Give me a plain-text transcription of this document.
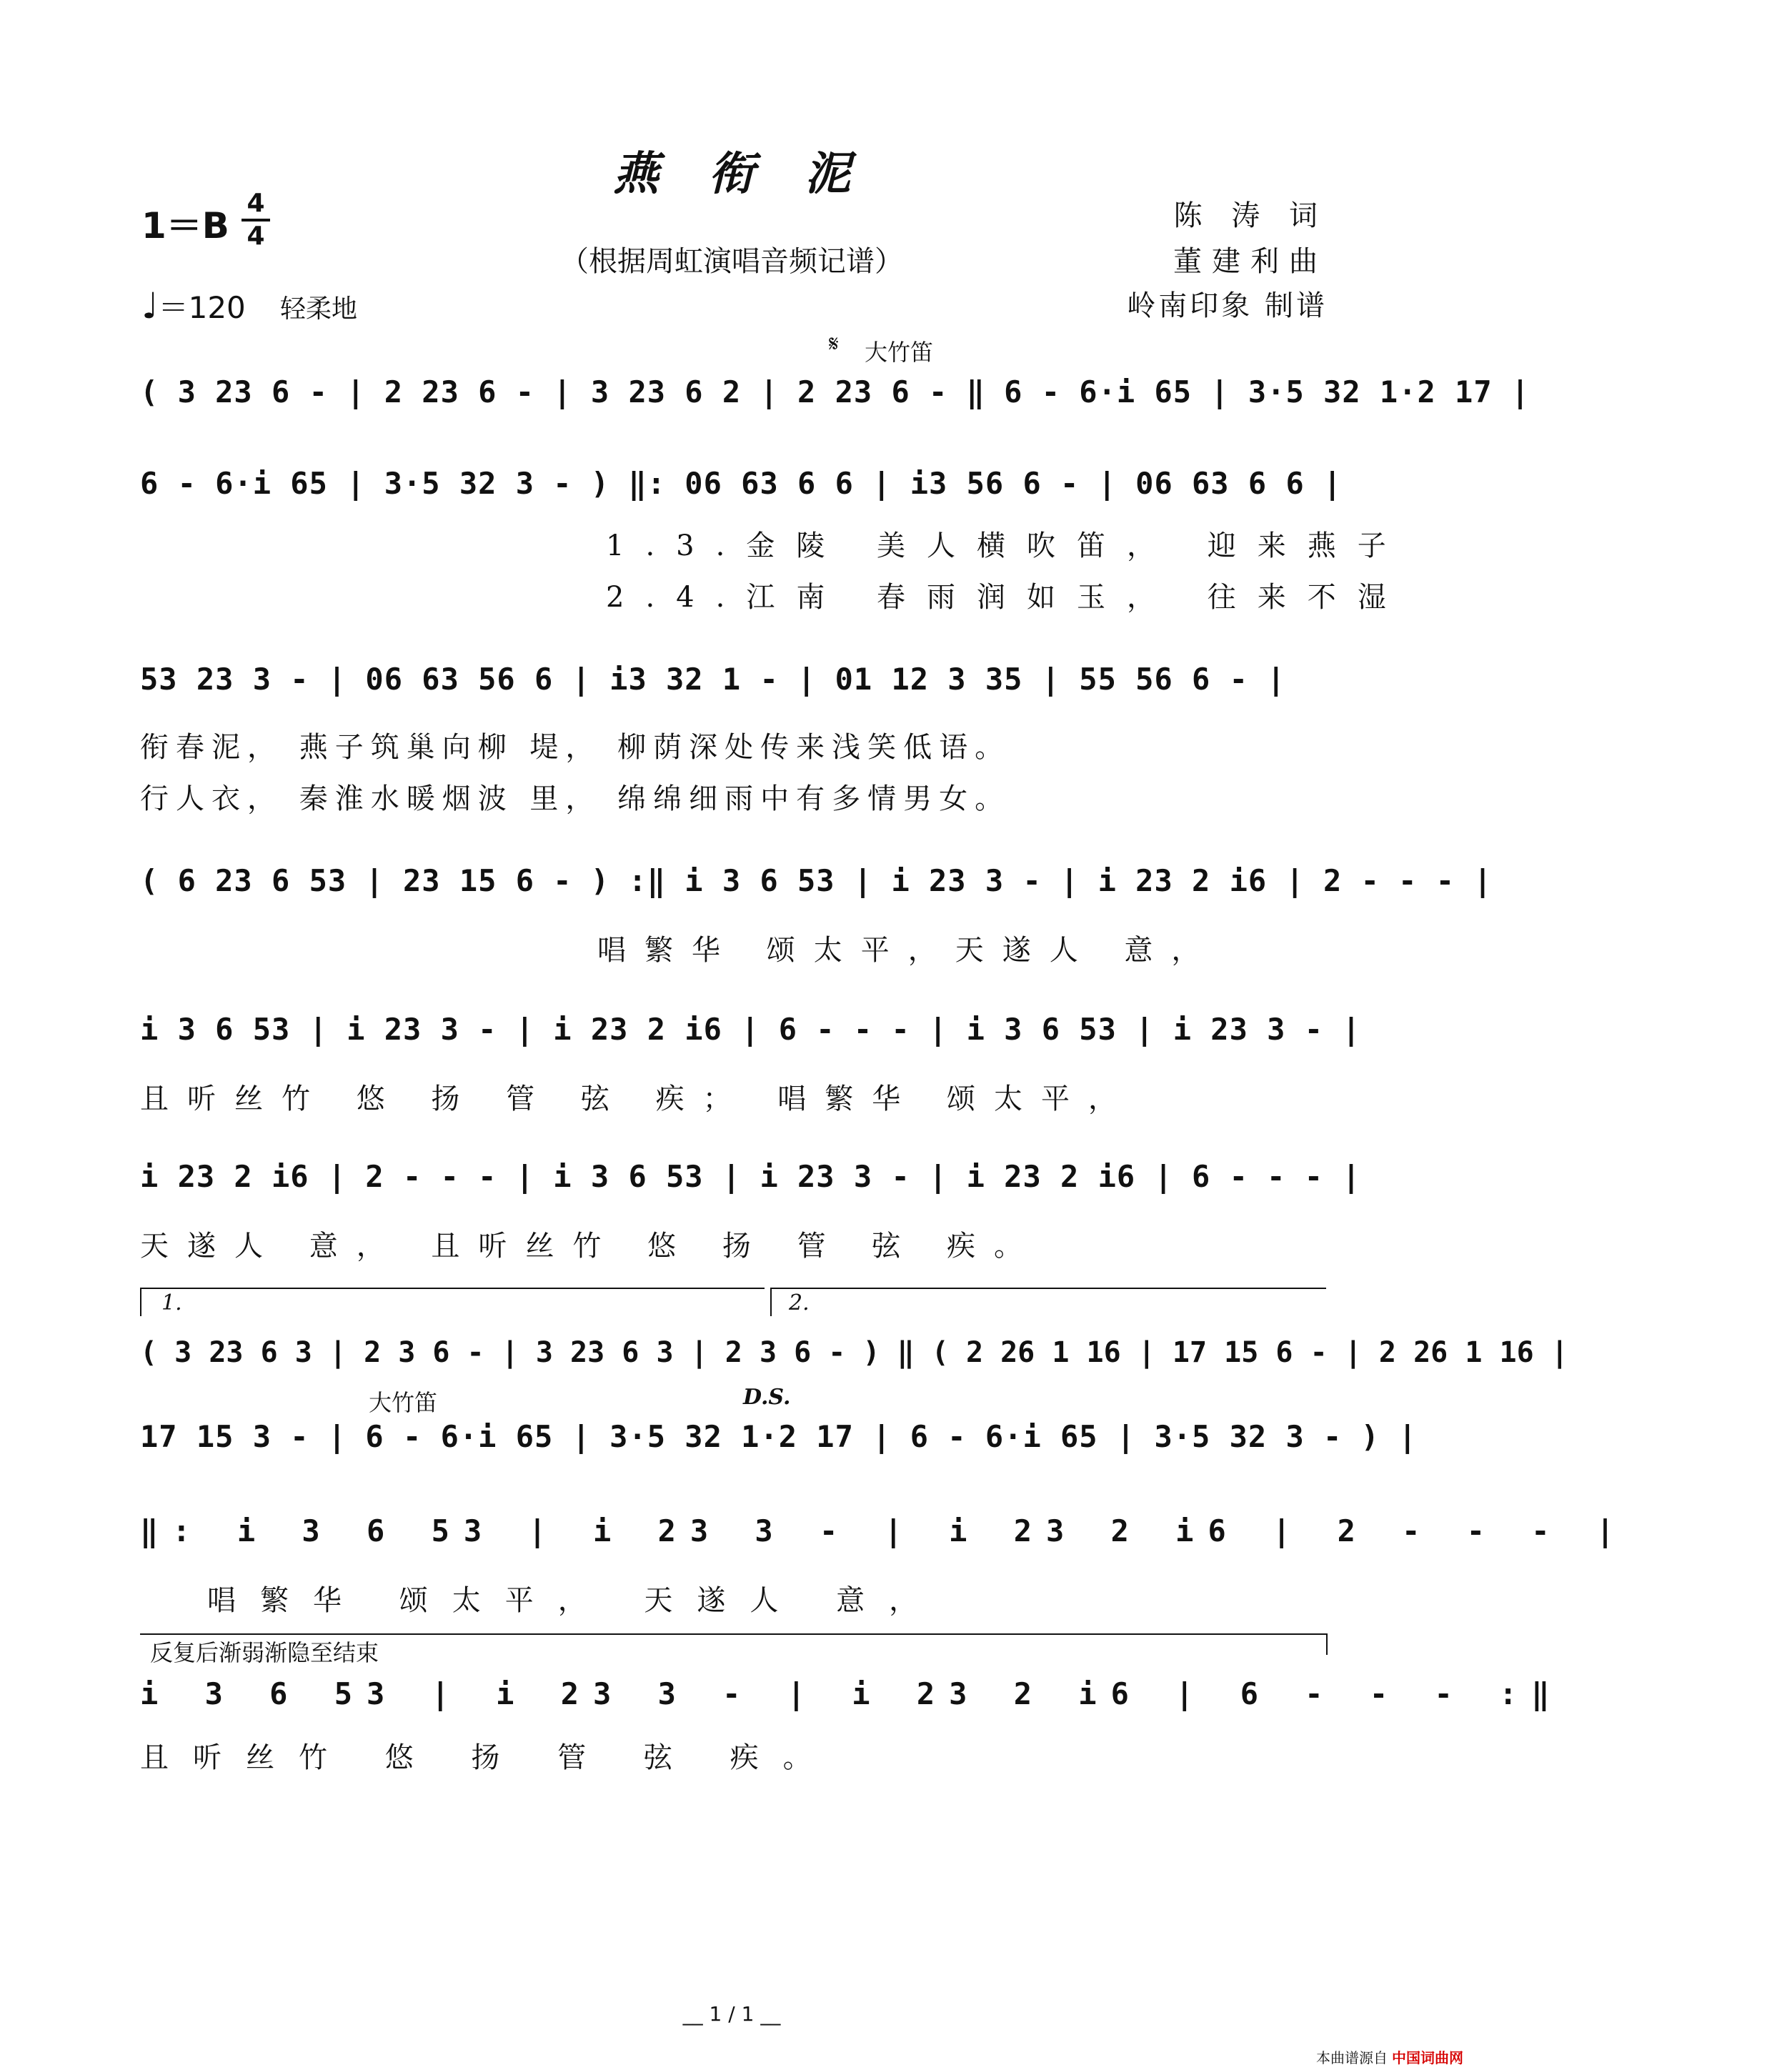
燕衔泥
1＝B
4
4
（根据周虹演唱音频记谱）
陈 涛 词
董建利曲
岭南印象 制谱
♩＝120 轻柔地
𝄋 大竹笛
( 3 23 6 - | 2 23 6 - | 3 23 6 2 | 2 23 6 - ‖ 6 - 6·i 65 | 3·5 32 1·2 17 |
6 - 6·i 65 | 3·5 32 3 - ) ‖: 06 63 6 6 | i3 56 6 - | 06 63 6 6 |
1.3.金陵 美人横吹笛， 迎来燕子
2.4.江南 春雨润如玉， 往来不湿
53 23 3 - | 06 63 56 6 | i3 32 1 - | 01 12 3 35 | 55 56 6 - |
衔春泥， 燕子筑巢向柳 堤， 柳荫深处传来浅笑低语。
行人衣， 秦淮水暖烟波 里， 绵绵细雨中有多情男女。
( 6 23 6 53 | 23 15 6 - ) :‖ i 3 6 53 | i 23 3 - | i 23 2 i6 | 2 - - - |
唱繁华 颂太平，天遂人 意，
i 3 6 53 | i 23 3 - | i 23 2 i6 | 6 - - - | i 3 6 53 | i 23 3 - |
且听丝竹 悠 扬 管 弦 疾； 唱繁华 颂太平，
i 23 2 i6 | 2 - - - | i 3 6 53 | i 23 3 - | i 23 2 i6 | 6 - - - |
天遂人 意， 且听丝竹 悠 扬 管 弦 疾。
1.	2.
( 3 23 6 3 | 2 3 6 - | 3 23 6 3 | 2 3 6 - ) ‖ ( 2 26 1 16 | 17 15 6 - | 2 26 1 16 |
大竹笛	D.S.
17 15 3 - | 6 - 6·i 65 | 3·5 32 1·2 17 | 6 - 6·i 65 | 3·5 32 3 - ) |
‖: i 3 6 53 | i 23 3 - | i 23 2 i6 | 2 - - - |
唱繁华 颂太平， 天遂人 意，
反复后渐弱渐隐至结束
i 3 6 53 | i 23 3 - | i 23 2 i6 | 6 - - - :‖
且听丝竹 悠 扬 管 弦 疾。
__ 1 / 1 __
本曲谱源自 中国词曲网
